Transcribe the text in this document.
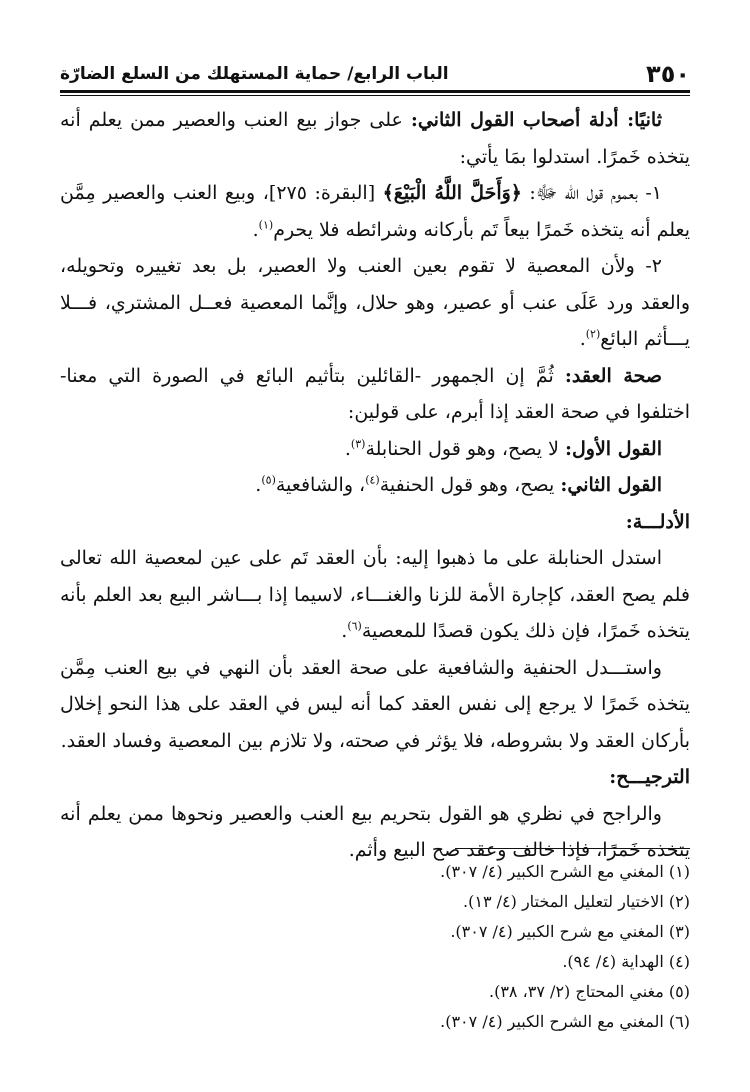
٣٥٠
الباب الرابع/ حماية المستهلك من السلع الضارّة

ثانيًا: أدلة أصحاب القول الثاني: على جواز بيع العنب والعصير ممن يعلم أنه يتخذه خَمرًا. استدلوا بمَا يأتي:

١- بعموم قول الله ﷻ: ﴿وَأَحَلَّ اللَّهُ الْبَيْعَ﴾ [البقرة: ٢٧٥]، وبيع العنب والعصير مِمَّن يعلم أنه يتخذه خَمرًا بيعاً تَم بأركانه وشرائطه فلا يحرم$^{(١)}$.

٢- ولأن المعصية لا تقوم بعين العنب ولا العصير، بل بعد تغييره وتحويله، والعقد ورد عَلَى عنب أو عصير، وهو حلال، وإنَّما المعصية فعــل المشتري، فـــلا يـــأثم البائع$^{(٢)}$.

صحة العقد: ثُمَّ إن الجمهور -القائلين بتأثيم البائع في الصورة التي معنا- اختلفوا في صحة العقد إذا أبرم، على قولين:

القول الأول: لا يصح، وهو قول الحنابلة$^{(٣)}$.

القول الثاني: يصح، وهو قول الحنفية$^{(٤)}$، والشافعية$^{(٥)}$.

الأدلـــة:

استدل الحنابلة على ما ذهبوا إليه: بأن العقد تَم على عين لمعصية الله تعالى فلم يصح العقد، كإجارة الأمة للزنا والغنـــاء، لاسيما إذا بـــاشر البيع بعد العلم بأنه يتخذه خَمرًا، فإن ذلك يكون قصدًا للمعصية$^{(٦)}$.

واستـــدل الحنفية والشافعية على صحة العقد بأن النهي في بيع العنب مِمَّن يتخذه خَمرًا لا يرجع إلى نفس العقد كما أنه ليس في العقد على هذا النحو إخلال بأركان العقد ولا بشروطه، فلا يؤثر في صحته، ولا تلازم بين المعصية وفساد العقد.

الترجيـــح:

والراجح في نظري هو القول بتحريم بيع العنب والعصير ونحوها ممن يعلم أنه يتخذه خَمرًا، فإذا خالف وعقد صح البيع وأثم.

(١) المغني مع الشرح الكبير (٤/ ٣٠٧).
(٢) الاختيار لتعليل المختار (٤/ ١٣).
(٣) المغني مع شرح الكبير (٤/ ٣٠٧).
(٤) الهداية (٤/ ٩٤).
(٥) مغني المحتاج (٢/ ٣٧، ٣٨).
(٦) المغني مع الشرح الكبير (٤/ ٣٠٧).
